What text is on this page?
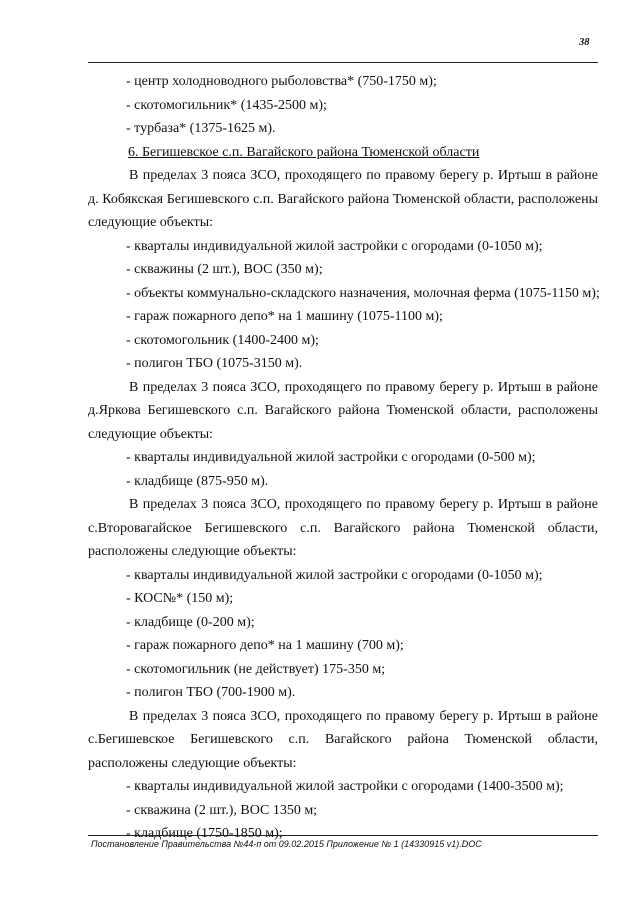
38

- центр холодноводного рыболовства* (750-1750 м);

- скотомогильник* (1435-2500 м);

- турбаза* (1375-1625 м).

6. Бегишевское с.п. Вагайского района Тюменской области

В пределах 3 пояса ЗСО, проходящего по правому берегу р. Иртыш в районе д. Кобякская Бегишевского с.п. Вагайского района Тюменской области, расположены следующие объекты:

- кварталы индивидуальной жилой застройки с огородами (0-1050 м);

- скважины (2 шт.), ВОС (350 м);

- объекты коммунально-складского назначения, молочная ферма (1075-1150 м);

- гараж пожарного депо* на 1 машину (1075-1100 м);

- скотомогольник (1400-2400 м);

- полигон ТБО (1075-3150 м).

В пределах 3 пояса ЗСО, проходящего по правому берегу р. Иртыш в районе д.Яркова Бегишевского с.п. Вагайского района Тюменской области, расположены следующие объекты:

- кварталы индивидуальной жилой застройки с огородами (0-500 м);

- кладбище (875-950 м).

В пределах 3 пояса ЗСО, проходящего по правому берегу р. Иртыш в районе с.Второвагайское Бегишевского с.п. Вагайского района Тюменской области, расположены следующие объекты:

- кварталы индивидуальной жилой застройки с огородами (0-1050 м);

- КОС№* (150 м);

- кладбище (0-200 м);

- гараж пожарного депо* на 1 машину (700 м);

- скотомогильник (не действует) 175-350 м;

- полигон ТБО (700-1900 м).

В пределах 3 пояса ЗСО, проходящего по правому берегу р. Иртыш в районе с.Бегишевское Бегишевского с.п. Вагайского района Тюменской области, расположены следующие объекты:

- кварталы индивидуальной жилой застройки с огородами (1400-3500 м);

- скважина (2 шт.), ВОС 1350 м;

- кладбище (1750-1850 м);

Постановление Правительства №44-п от 09.02.2015 Приложение № 1 (14330915 v1).DOC
